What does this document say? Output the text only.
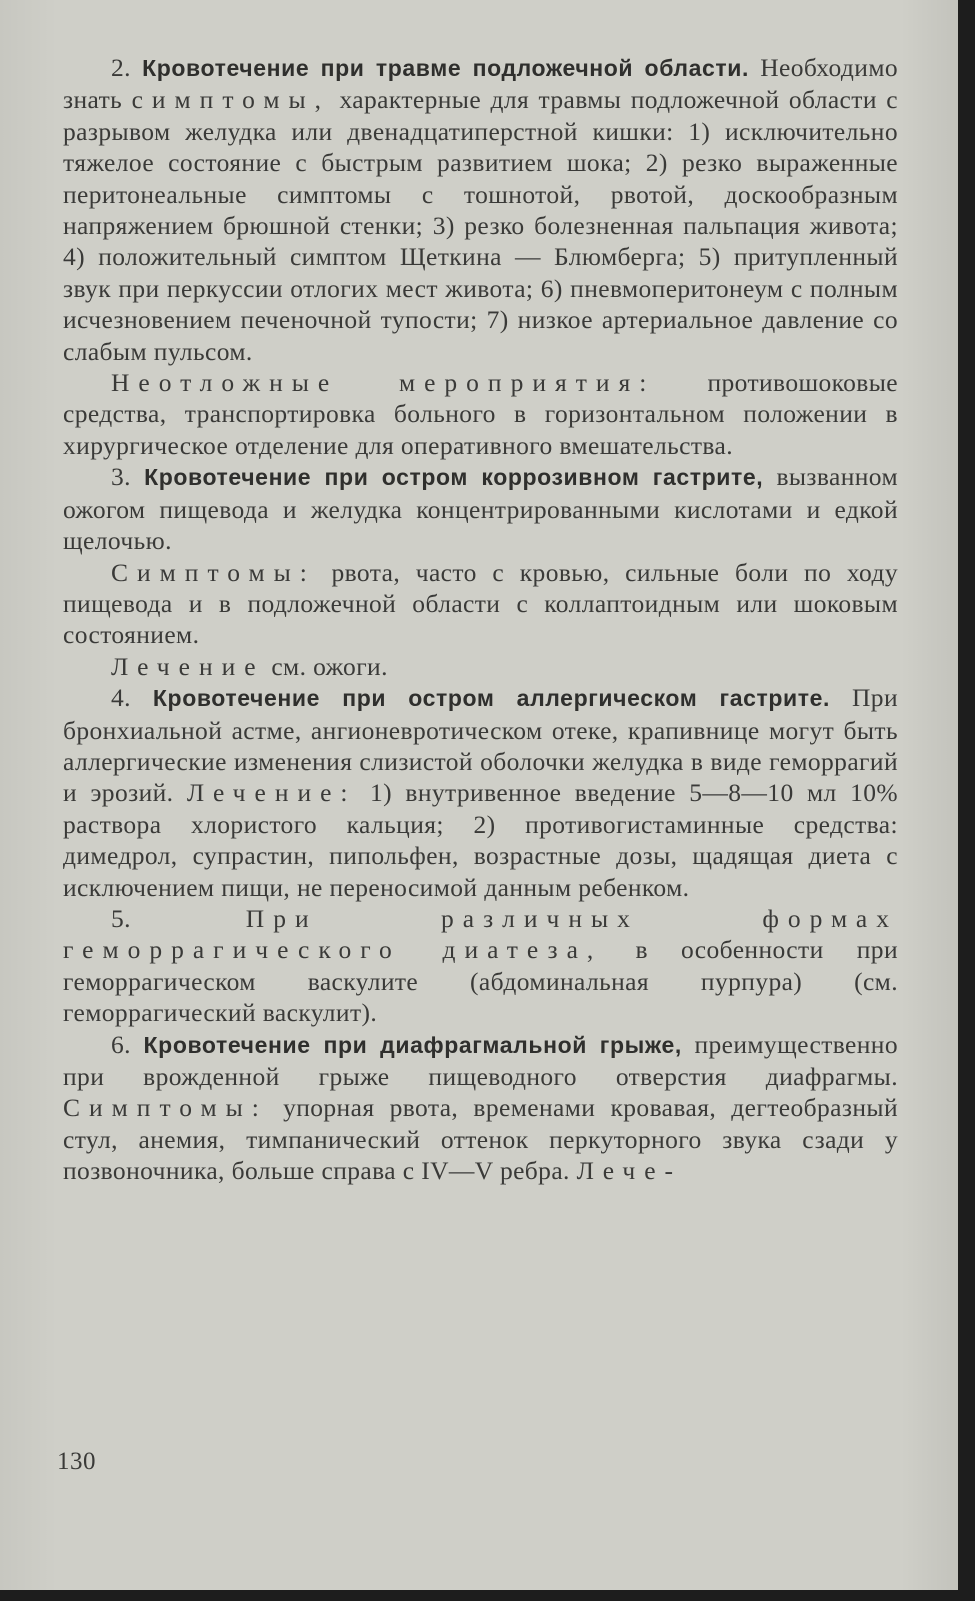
2. Кровотечение при травме подложечной области. Необходимо знать симптомы, характерные для травмы подложечной области с разрывом желудка или двенадцатиперстной кишки: 1) исключительно тяжелое состояние с быстрым развитием шока; 2) резко выраженные перитонеальные симптомы с тошнотой, рвотой, доскообразным напряжением брюшной стенки; 3) резко болезненная пальпация живота; 4) положительный симптом Щеткина — Блюмберга; 5) притупленный звук при перкуссии отлогих мест живота; 6) пневмоперитонеум с полным исчезновением печеночной тупости; 7) низкое артериальное давление со слабым пульсом.

Неотложные мероприятия: противошоковые средства, транспортировка больного в горизонтальном положении в хирургическое отделение для оперативного вмешательства.

3. Кровотечение при остром коррозивном гастрите, вызванном ожогом пищевода и желудка концентрированными кислотами и едкой щелочью.

Симптомы: рвота, часто с кровью, сильные боли по ходу пищевода и в подложечной области с коллаптоидным или шоковым состоянием.

Лечение см. ожоги.

4. Кровотечение при остром аллергическом гастрите. При бронхиальной астме, ангионевротическом отеке, крапивнице могут быть аллергические изменения слизистой оболочки желудка в виде геморрагий и эрозий. Лечение: 1) внутривенное введение 5—8—10 мл 10% раствора хлористого кальция; 2) противогистаминные средства: димедрол, супрастин, пипольфен, возрастные дозы, щадящая диета с исключением пищи, не переносимой данным ребенком.

5.	При различных формах геморрагического диатеза, в особенности при геморрагическом васкулите (абдоминальная пурпура) (см. геморрагический васкулит).

6. Кровотечение при диафрагмальной грыже, преимущественно при врожденной грыже пищеводного отверстия диафрагмы. Симптомы: упорная рвота, временами кровавая, дегтеобразный стул, анемия, тимпанический оттенок перкуторного звука сзади у позвоночника, больше справа с IV—V ребра. Лече-

130
